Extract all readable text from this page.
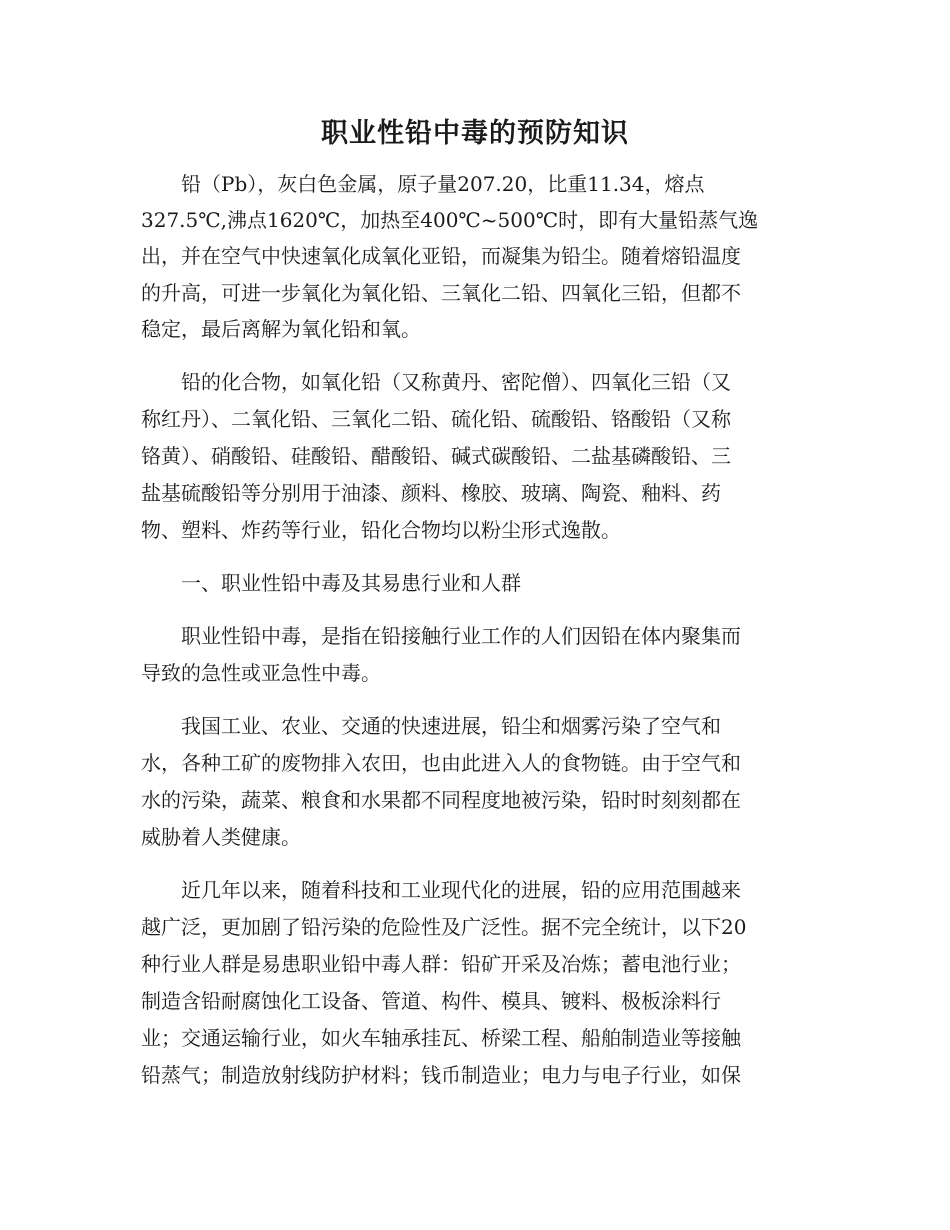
职业性铅中毒的预防知识

　　铅（Pb），灰白色金属，原子量207.20，比重11.34，熔点

327.5℃,沸点1620℃，加热至400℃~500℃时，即有大量铅蒸气逸

出，并在空气中快速氧化成氧化亚铅，而凝集为铅尘。随着熔铅温度

的升高，可进一步氧化为氧化铅、三氧化二铅、四氧化三铅，但都不

稳定，最后离解为氧化铅和氧。

　　铅的化合物，如氧化铅（又称黄丹、密陀僧）、四氧化三铅（又

称红丹）、二氧化铅、三氧化二铅、硫化铅、硫酸铅、铬酸铅（又称

铬黄）、硝酸铅、硅酸铅、醋酸铅、碱式碳酸铅、二盐基磷酸铅、三

盐基硫酸铅等分别用于油漆、颜料、橡胶、玻璃、陶瓷、釉料、药

物、塑料、炸药等行业，铅化合物均以粉尘形式逸散。

　　一、职业性铅中毒及其易患行业和人群

　　职业性铅中毒，是指在铅接触行业工作的人们因铅在体内聚集而

导致的急性或亚急性中毒。

　　我国工业、农业、交通的快速进展，铅尘和烟雾污染了空气和

水，各种工矿的废物排入农田，也由此进入人的食物链。由于空气和

水的污染，蔬菜、粮食和水果都不同程度地被污染，铅时时刻刻都在

威胁着人类健康。

　　近几年以来，随着科技和工业现代化的进展，铅的应用范围越来

越广泛，更加剧了铅污染的危险性及广泛性。据不完全统计，以下20

种行业人群是易患职业铅中毒人群：铅矿开采及冶炼；蓄电池行业；

制造含铅耐腐蚀化工设备、管道、构件、模具、镀料、极板涂料行

业；交通运输行业，如火车轴承挂瓦、桥梁工程、船舶制造业等接触

铅蒸气；制造放射线防护材料；钱币制造业；电力与电子行业，如保
